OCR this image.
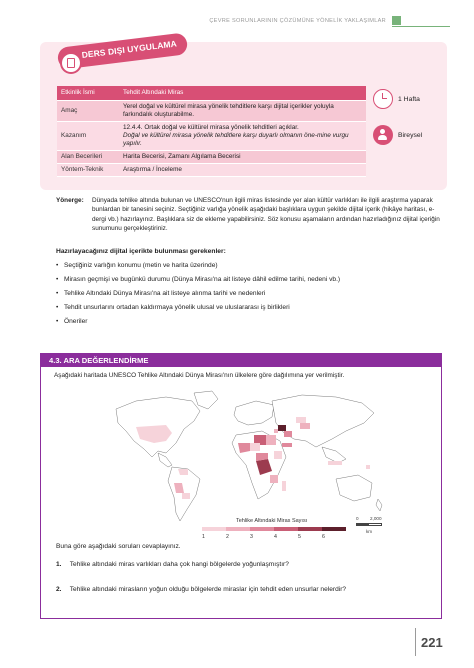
ÇEVRE SORUNLARININ ÇÖZÜMÜNE YÖNELİK YAKLAŞIMLAR
DERS DIŞI UYGULAMA
Etkinlik İsmi	Tehdit Altındaki Miras
Amaç	Yerel doğal ve kültürel mirasa yönelik tehditlere karşı dijital içerikler yoluyla farkındalık oluşturabilme.
Kazanım	12.4.4. Ortak doğal ve kültürel mirasa yönelik tehditleri açıklar.
Doğal ve kültürel mirasa yönelik tehditlere karşı duyarlı olmanın öne-mine vurgu yapılır.
Alan Becerileri	Harita Becerisi, Zamanı Algılama Becerisi
Yöntem-Teknik	Araştırma / İnceleme
1 Hafta
Bireysel
Yönerge: Dünyada tehlike altında bulunan ve UNESCO'nun ilgili miras listesinde yer alan kültür varlıkları ile ilgili araştırma yaparak bunlardan bir tanesini seçiniz. Seçtiğiniz varlığa yönelik aşağıdaki başlıklara uygun şekilde dijital içerik (hikâye haritası, e-dergi vb.) hazırlayınız. Başlıklara siz de ekleme yapabilirsiniz. Söz konusu aşamaların ardından hazırladığınız dijital içeriğin sunumunu gerçekleştiriniz.
Hazırlayacağınız dijital içerikte bulunması gerekenler:
• Seçtiğiniz varlığın konumu (metin ve harita üzerinde)
• Mirasın geçmişi ve bugünkü durumu (Dünya Mirası'na ait listeye dâhil edilme tarihi, nedeni vb.)
• Tehlike Altındaki Dünya Mirası'na ait listeye alınma tarihi ve nedenleri
• Tehdit unsurlarını ortadan kaldırmaya yönelik ulusal ve uluslararası iş birlikleri
• Öneriler
4.3. ARA DEĞERLENDİRME
Aşağıdaki haritada UNESCO Tehlike Altındaki Dünya Mirası'nın ülkelere göre dağılımına yer verilmiştir.
Tehlike Altındaki Miras Sayısı
1	2	3	4	5	6
0 2,000
km
Buna göre aşağıdaki soruları cevaplayınız.
1. Tehlike altındaki miras varlıkları daha çok hangi bölgelerde yoğunlaşmıştır?
2. Tehlike altındaki mirasların yoğun olduğu bölgelerde miraslar için tehdit eden unsurlar nelerdir?
221
